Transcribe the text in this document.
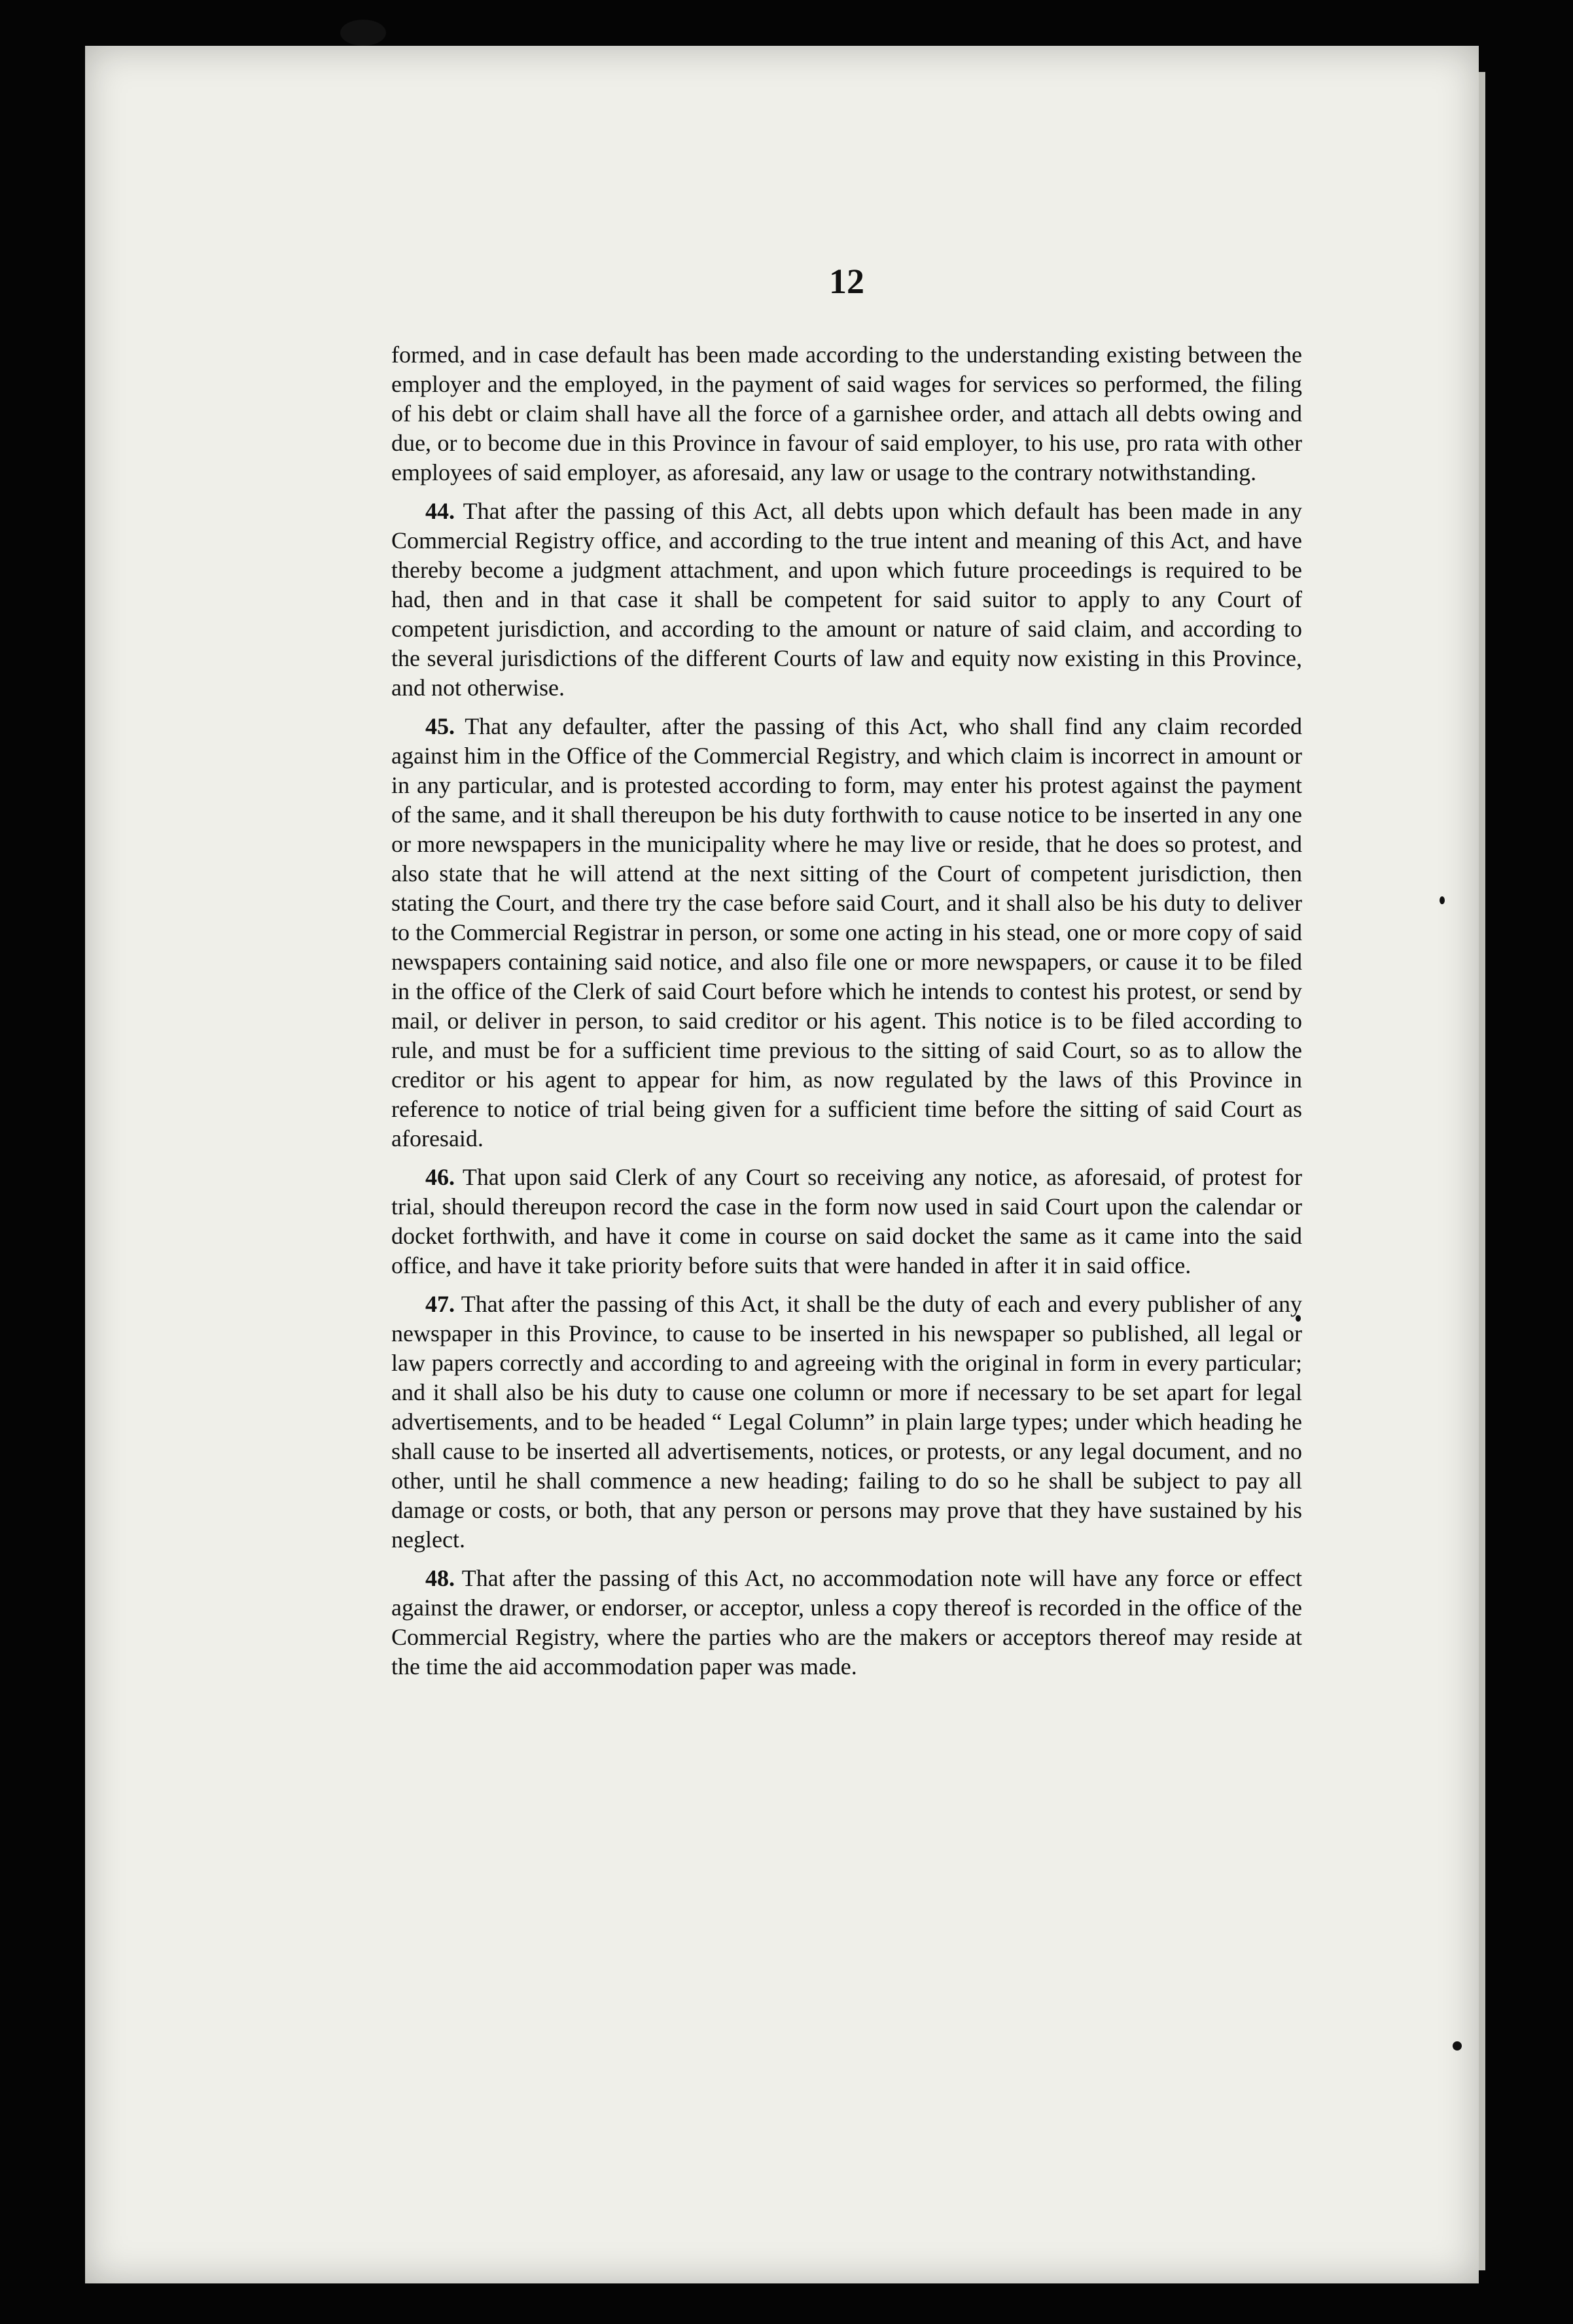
12

formed, and in case default has been made according to the understanding existing between the employer and the employed, in the payment of said wages for services so performed, the filing of his debt or claim shall have all the force of a garnishee order, and attach all debts owing and due, or to become due in this Province in favour of said employer, to his use, pro rata with other employees of said employer, as aforesaid, any law or usage to the contrary notwithstanding.

44. That after the passing of this Act, all debts upon which default has been made in any Commercial Registry office, and according to the true intent and meaning of this Act, and have thereby become a judgment attachment, and upon which future proceedings is required to be had, then and in that case it shall be competent for said suitor to apply to any Court of competent jurisdiction, and according to the amount or nature of said claim, and according to the several jurisdictions of the different Courts of law and equity now existing in this Province, and not otherwise.

45. That any defaulter, after the passing of this Act, who shall find any claim recorded against him in the Office of the Commercial Registry, and which claim is incorrect in amount or in any particular, and is protested according to form, may enter his protest against the payment of the same, and it shall thereupon be his duty forthwith to cause notice to be inserted in any one or more newspapers in the municipality where he may live or reside, that he does so protest, and also state that he will attend at the next sitting of the Court of competent jurisdiction, then stating the Court, and there try the case before said Court, and it shall also be his duty to deliver to the Commercial Registrar in person, or some one acting in his stead, one or more copy of said newspapers containing said notice, and also file one or more newspapers, or cause it to be filed in the office of the Clerk of said Court before which he intends to contest his protest, or send by mail, or deliver in person, to said creditor or his agent. This notice is to be filed according to rule, and must be for a sufficient time previous to the sitting of said Court, so as to allow the creditor or his agent to appear for him, as now regulated by the laws of this Province in reference to notice of trial being given for a sufficient time before the sitting of said Court as aforesaid.

46. That upon said Clerk of any Court so receiving any notice, as aforesaid, of protest for trial, should thereupon record the case in the form now used in said Court upon the calendar or docket forthwith, and have it come in course on said docket the same as it came into the said office, and have it take priority before suits that were handed in after it in said office.

47. That after the passing of this Act, it shall be the duty of each and every publisher of any newspaper in this Province, to cause to be inserted in his newspaper so published, all legal or law papers correctly and according to and agreeing with the original in form in every particular; and it shall also be his duty to cause one column or more if necessary to be set apart for legal advertisements, and to be headed “ Legal Column” in plain large types; under which heading he shall cause to be inserted all advertisements, notices, or protests, or any legal document, and no other, until he shall commence a new heading; failing to do so he shall be subject to pay all damage or costs, or both, that any person or persons may prove that they have sustained by his neglect.

48. That after the passing of this Act, no accommodation note will have any force or effect against the drawer, or endorser, or acceptor, unless a copy thereof is recorded in the office of the Commercial Registry, where the parties who are the makers or acceptors thereof may reside at the time the aid accommodation paper was made.
